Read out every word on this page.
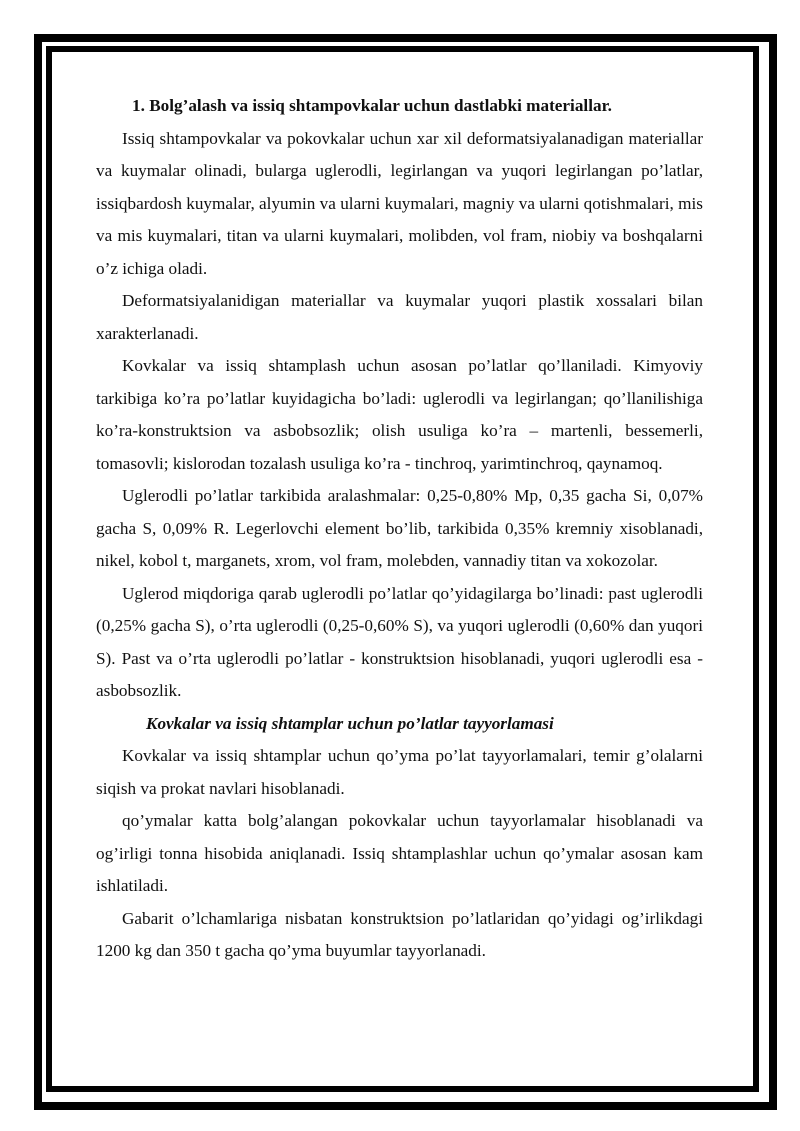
1. Bolg’alash va issiq shtampovkalar uchun dastlabki materiallar.

Issiq shtampovkalar va pokovkalar uchun xar xil deformatsiyalanadigan materiallar va kuymalar olinadi, bularga uglerodli, legirlangan va yuqori legirlangan po’latlar, issiqbardosh kuymalar, alyumin va ularni kuymalari, magniy va ularni qotishmalari, mis va mis kuymalari, titan va ularni kuymalari, molibden, vol fram, niobiy va boshqalarni o’z ichiga oladi.

Deformatsiyalanidigan materiallar va kuymalar yuqori plastik xossalari bilan xarakterlanadi.

Kovkalar va issiq shtamplash uchun asosan po’latlar qo’llaniladi. Kimyoviy tarkibiga ko’ra po’latlar kuyidagicha bo’ladi: uglerodli va legirlangan; qo’llanilishiga ko’ra-konstruktsion va asbobsozlik; olish usuliga ko’ra – martenli, bessemerli, tomasovli; kislorodan tozalash usuliga ko’ra - tinchroq, yarimtinchroq, qaynamoq.

Uglerodli po’latlar tarkibida aralashmalar: 0,25-0,80% Mp, 0,35 gacha Si, 0,07% gacha S, 0,09% R. Legerlovchi element bo’lib, tarkibida 0,35% kremniy xisoblanadi, nikel, kobol t, marganets, xrom, vol fram, molebden, vannadiy titan va xokozolar.

Uglerod miqdoriga qarab uglerodli po’latlar qo’yidagilarga bo’linadi: past uglerodli (0,25% gacha S), o’rta uglerodli (0,25-0,60% S), va yuqori uglerodli (0,60% dan yuqori S). Past va o’rta uglerodli po’latlar - konstruktsion hisoblanadi, yuqori uglerodli esa - asbobsozlik.

Kovkalar va issiq shtamplar uchun po’latlar tayyorlamasi

Kovkalar va issiq shtamplar uchun qo’yma po’lat tayyorlamalari, temir g’olalarni siqish va prokat navlari hisoblanadi.

qo’ymalar katta bolg’alangan pokovkalar uchun tayyorlamalar hisoblanadi va og’irligi tonna hisobida aniqlanadi. Issiq shtamplashlar uchun qo’ymalar asosan kam ishlatiladi.

Gabarit o’lchamlariga nisbatan konstruktsion po’latlaridan qo’yidagi og’irlikdagi 1200 kg dan 350 t gacha qo’yma buyumlar tayyorlanadi.
